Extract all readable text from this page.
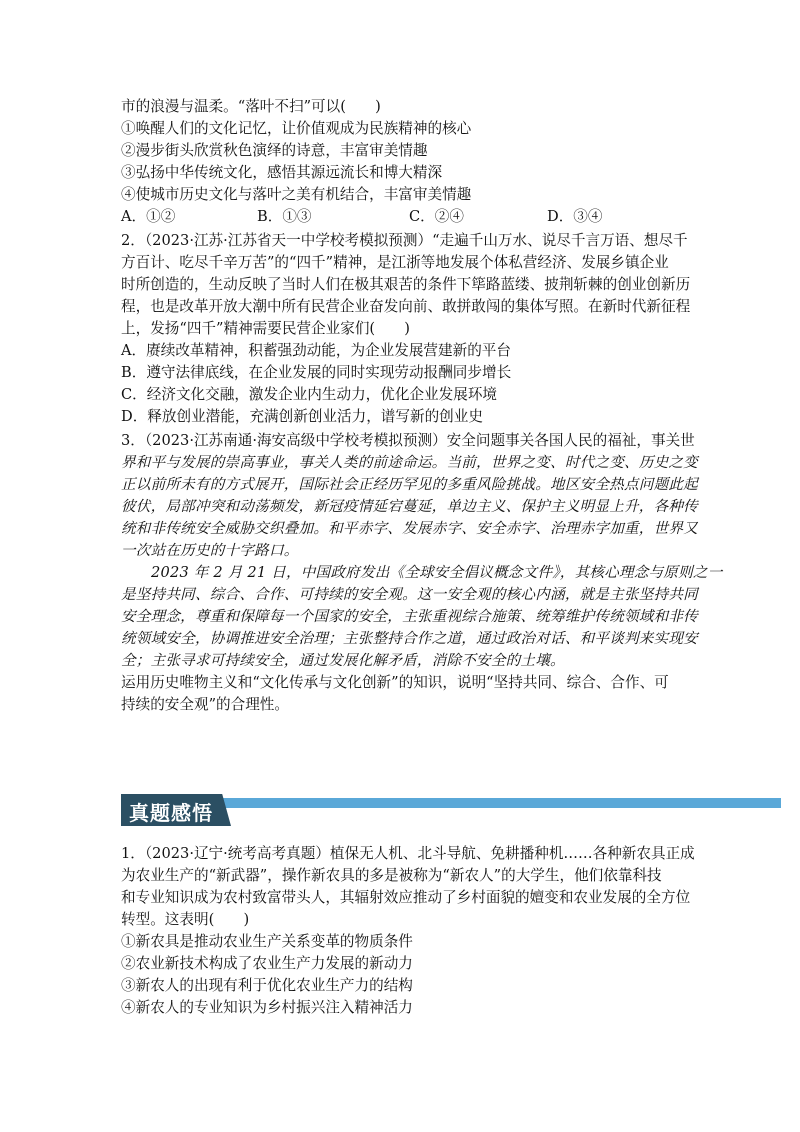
市的浪漫与温柔。“落叶不扫”可以(　　)

①唤醒人们的文化记忆，让价值观成为民族精神的核心

②漫步街头欣赏秋色演绎的诗意，丰富审美情趣

③弘扬中华传统文化，感悟其源远流长和博大精深

④使城市历史文化与落叶之美有机结合，丰富审美情趣

A．①②	B．①③	C．②④	D．③④

2．（2023·江苏·江苏省天一中学校考模拟预测）“走遍千山万水、说尽千言万语、想尽千

方百计、吃尽千辛万苦”的“四千”精神，是江浙等地发展个体私营经济、发展乡镇企业

时所创造的，生动反映了当时人们在极其艰苦的条件下筚路蓝缕、披荆斩棘的创业创新历

程，也是改革开放大潮中所有民营企业奋发向前、敢拼敢闯的集体写照。在新时代新征程

上，发扬“四千”精神需要民营企业家们(　　)

A．赓续改革精神，积蓄强劲动能，为企业发展营建新的平台

B．遵守法律底线，在企业发展的同时实现劳动报酬同步增长

C．经济文化交融，激发企业内生动力，优化企业发展环境

D．释放创业潜能，充满创新创业活力，谱写新的创业史

3．（2023·江苏南通·海安高级中学校考模拟预测）安全问题事关各国人民的福祉，事关世

界和平与发展的崇高事业，事关人类的前途命运。当前，世界之变、时代之变、历史之变

正以前所未有的方式展开，国际社会正经历罕见的多重风险挑战。地区安全热点问题此起

彼伏，局部冲突和动荡频发，新冠疫情延宕蔓延，单边主义、保护主义明显上升，各种传

统和非传统安全威胁交织叠加。和平赤字、发展赤字、安全赤字、治理赤字加重，世界又

一次站在历史的十字路口。

2023 年 2 月 21 日，中国政府发出《全球安全倡议概念文件》，其核心理念与原则之一

是坚持共同、综合、合作、可持续的安全观。这一安全观的核心内涵，就是主张坚持共同

安全理念，尊重和保障每一个国家的安全，主张重视综合施策、统筹维护传统领域和非传

统领域安全，协调推进安全治理；主张整持合作之道，通过政治对话、和平谈判来实现安

全；主张寻求可持续安全，通过发展化解矛盾，消除不安全的土壤。

运用历史唯物主义和“文化传承与文化创新”的知识，说明“坚持共同、综合、合作、可

持续的安全观”的合理性。

真题感悟

1．（2023·辽宁·统考高考真题）植保无人机、北斗导航、免耕播种机……各种新农具正成

为农业生产的“新武器”，操作新农具的多是被称为“新农人”的大学生，他们依靠科技

和专业知识成为农村致富带头人，其辐射效应推动了乡村面貌的嬗变和农业发展的全方位

转型。这表明(　　)

①新农具是推动农业生产关系变革的物质条件

②农业新技术构成了农业生产力发展的新动力

③新农人的出现有利于优化农业生产力的结构

④新农人的专业知识为乡村振兴注入精神活力
